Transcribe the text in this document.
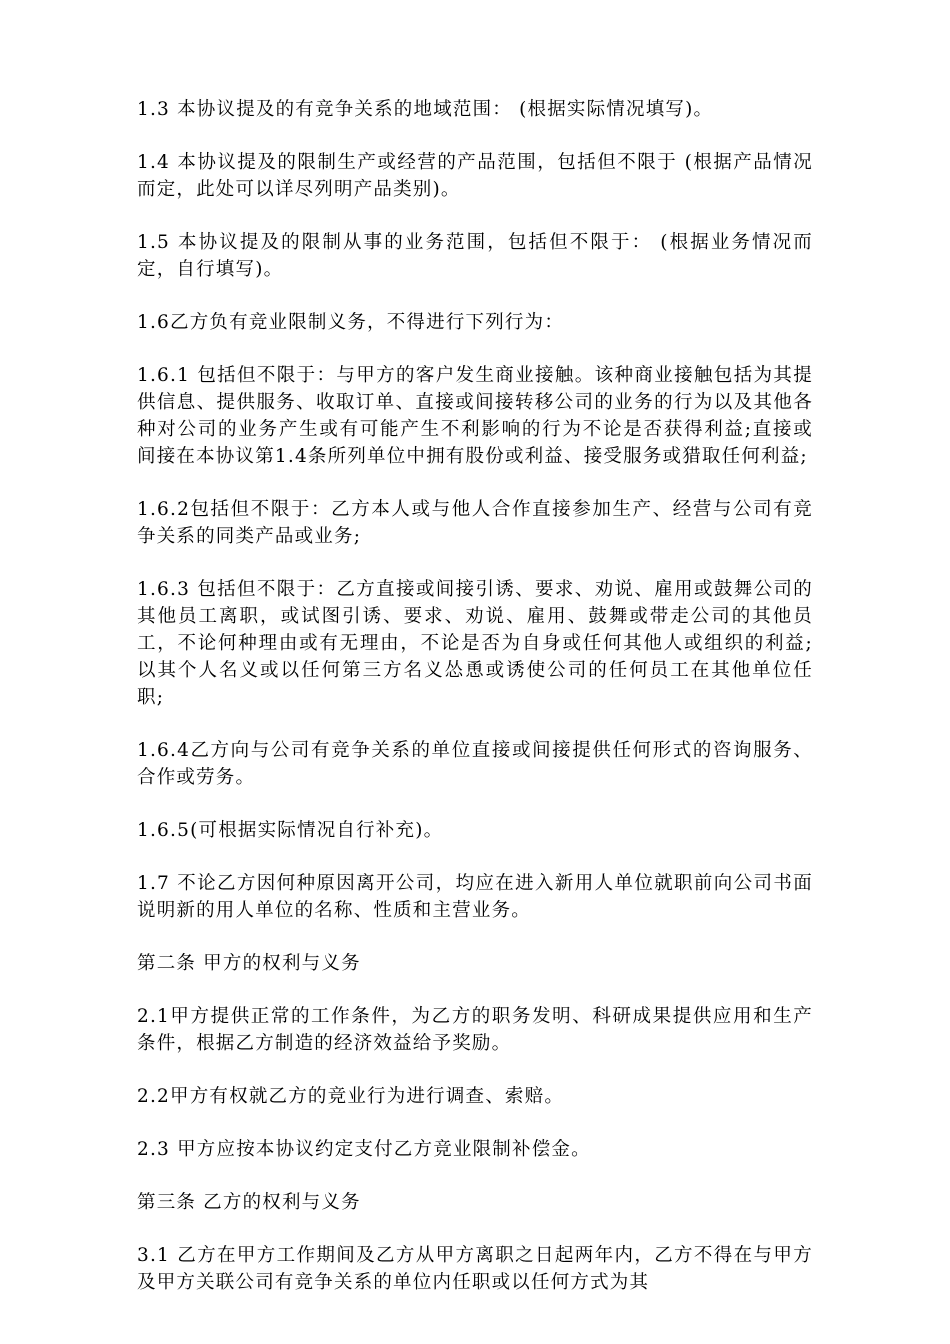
1.3 本协议提及的有竞争关系的地域范围： (根据实际情况填写)。

1.4 本协议提及的限制生产或经营的产品范围，包括但不限于 (根据产品情况而定，此处可以详尽列明产品类别)。

1.5 本协议提及的限制从事的业务范围，包括但不限于： (根据业务情况而定，自行填写)。

1.6乙方负有竞业限制义务，不得进行下列行为：

1.6.1 包括但不限于：与甲方的客户发生商业接触。该种商业接触包括为其提供信息、提供服务、收取订单、直接或间接转移公司的业务的行为以及其他各种对公司的业务产生或有可能产生不利影响的行为不论是否获得利益;直接或间接在本协议第1.4条所列单位中拥有股份或利益、接受服务或猎取任何利益;

1.6.2包括但不限于：乙方本人或与他人合作直接参加生产、经营与公司有竞争关系的同类产品或业务;

1.6.3 包括但不限于：乙方直接或间接引诱、要求、劝说、雇用或鼓舞公司的其他员工离职，或试图引诱、要求、劝说、雇用、鼓舞或带走公司的其他员工，不论何种理由或有无理由，不论是否为自身或任何其他人或组织的利益;以其个人名义或以任何第三方名义怂恿或诱使公司的任何员工在其他单位任职;

1.6.4乙方向与公司有竞争关系的单位直接或间接提供任何形式的咨询服务、合作或劳务。

1.6.5(可根据实际情况自行补充)。

1.7 不论乙方因何种原因离开公司，均应在进入新用人单位就职前向公司书面说明新的用人单位的名称、性质和主营业务。

第二条 甲方的权利与义务

2.1甲方提供正常的工作条件，为乙方的职务发明、科研成果提供应用和生产条件，根据乙方制造的经济效益给予奖励。

2.2甲方有权就乙方的竞业行为进行调查、索赔。

2.3 甲方应按本协议约定支付乙方竞业限制补偿金。

第三条 乙方的权利与义务

3.1 乙方在甲方工作期间及乙方从甲方离职之日起两年内，乙方不得在与甲方及甲方关联公司有竞争关系的单位内任职或以任何方式为其
